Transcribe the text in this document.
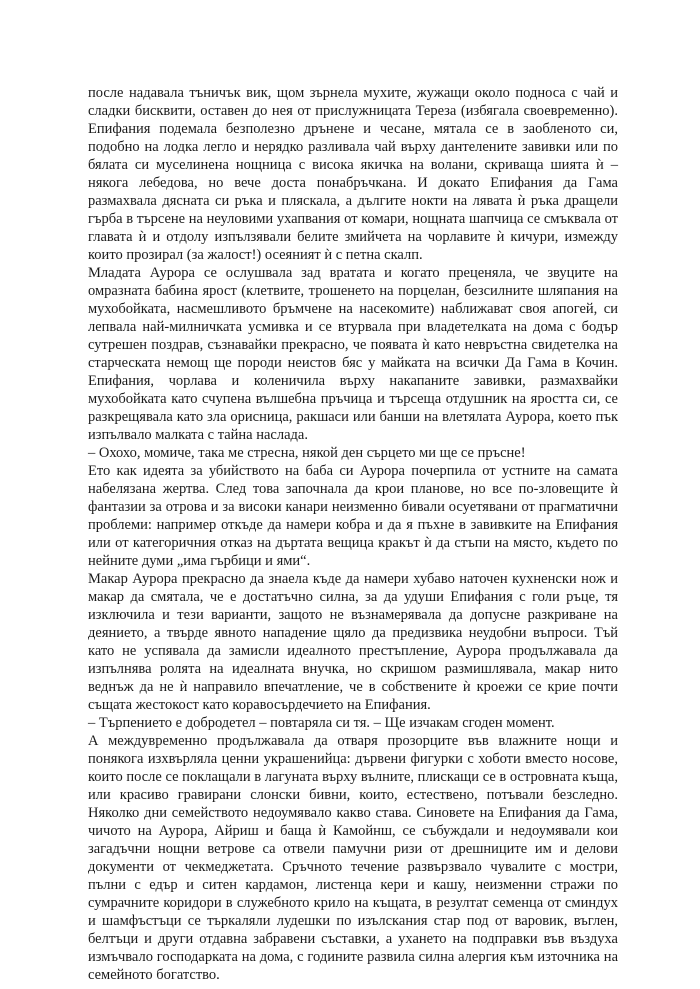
после надавала тъничък вик, щом зърнела мухите, жужащи около подноса с чай и сладки бисквити, оставен до нея от прислужницата Тереза (избягала своевременно). Епифания подемала безполезно дрънене и чесане, мятала се в заобленото си, подобно на лодка легло и нерядко разливала чай върху дантелените завивки или по бялата си муселинена нощница с висока якичка на волани, скриваща шията ѝ – някога лебедова, но вече доста понабръчкана. И докато Епифания да Гама размахвала дясната си ръка и пляскала, а дългите нокти на лявата ѝ ръка дращели гърба в търсене на неуловими ухапвания от комари, нощната шапчица се смъквала от главата ѝ и отдолу изпълзявали белите змийчета на чорлавите ѝ кичури, измежду които прозирал (за жалост!) осеяният ѝ с петна скалп.

Младата Аурора се ослушвала зад вратата и когато преценяла, че звуците на омразната бабина ярост (клетвите, трошенето на порцелан, безсилните шляпания на мухобойката, насмешливото бръмчене на насекомите) наближават своя апогей, си лепвала най-милничката усмивка и се втурвала при владетелката на дома с бодър сутрешен поздрав, съзнавайки прекрасно, че появата ѝ като невръстна свидетелка на старческата немощ ще породи неистов бяс у майката на всички Да Гама в Кочин. Епифания, чорлава и коленичила върху накапаните завивки, размахвайки мухобойката като счупена вълшебна пръчица и търсеща отдушник на яростта си, се разкрещявала като зла орисница, ракшаси или банши на влетялата Аурора, което пък изпълвало малката с тайна наслада.

– Охохо, момиче, така ме стресна, някой ден сърцето ми ще се пръсне!

Ето как идеята за убийството на баба си Аурора почерпила от устните на самата набелязана жертва. След това започнала да крои планове, но все по-зловещите ѝ фантазии за отрова и за високи канари неизменно бивали осуетявани от прагматични проблеми: например откъде да намери кобра и да я пъхне в завивките на Епифания или от категоричния отказ на дъртата вещица кракът ѝ да стъпи на място, където по нейните думи „има гърбици и ями“.

Макар Аурора прекрасно да знаела къде да намери хубаво наточен кухненски нож и макар да смятала, че е достатъчно силна, за да удуши Епифания с голи ръце, тя изключила и тези варианти, защото не възнамерявала да допусне разкриване на деянието, а твърде явното нападение щяло да предизвика неудобни въпроси. Тъй като не успявала да замисли идеалното престъпление, Аурора продължавала да изпълнява ролята на идеалната внучка, но скришом размишлявала, макар нито веднъж да не ѝ направило впечатление, че в собствените ѝ кроежи се крие почти същата жестокост като коравосърдечието на Епифания.

– Търпението е добродетел – повтаряла си тя. – Ще изчакам сгоден момент.

А междувременно продължавала да отваря прозорците във влажните нощи и понякога изхвърляла ценни украшенийца: дървени фигурки с хоботи вместо носове, които после се поклащали в лагуната върху вълните, плискащи се в островната къща, или красиво гравирани слонски бивни, които, естествено, потъвали безследно. Няколко дни семейството недоумявало какво става. Синовете на Епифания да Гама, чичото на Аурора, Айриш и баща ѝ Камойнш, се събуждали и недоумявали кои загадъчни нощни ветрове са отвели памучни ризи от дрешниците им и делови документи от чекмеджетата. Сръчното течение развързвало чувалите с мостри, пълни с едър и ситен кардамон, листенца кери и кашу, неизменни стражи по сумрачните коридори в служебното крило на къщата, в резултат семенца от сминдух и шамфъстъци се търкаляли лудешки по изълскания стар под от варовик, въглен, белтъци и други отдавна забравени съставки, а ухането на подправки във въздуха измъчвало господарката на дома, с годините развила силна алергия към източника на семейното богатство.
